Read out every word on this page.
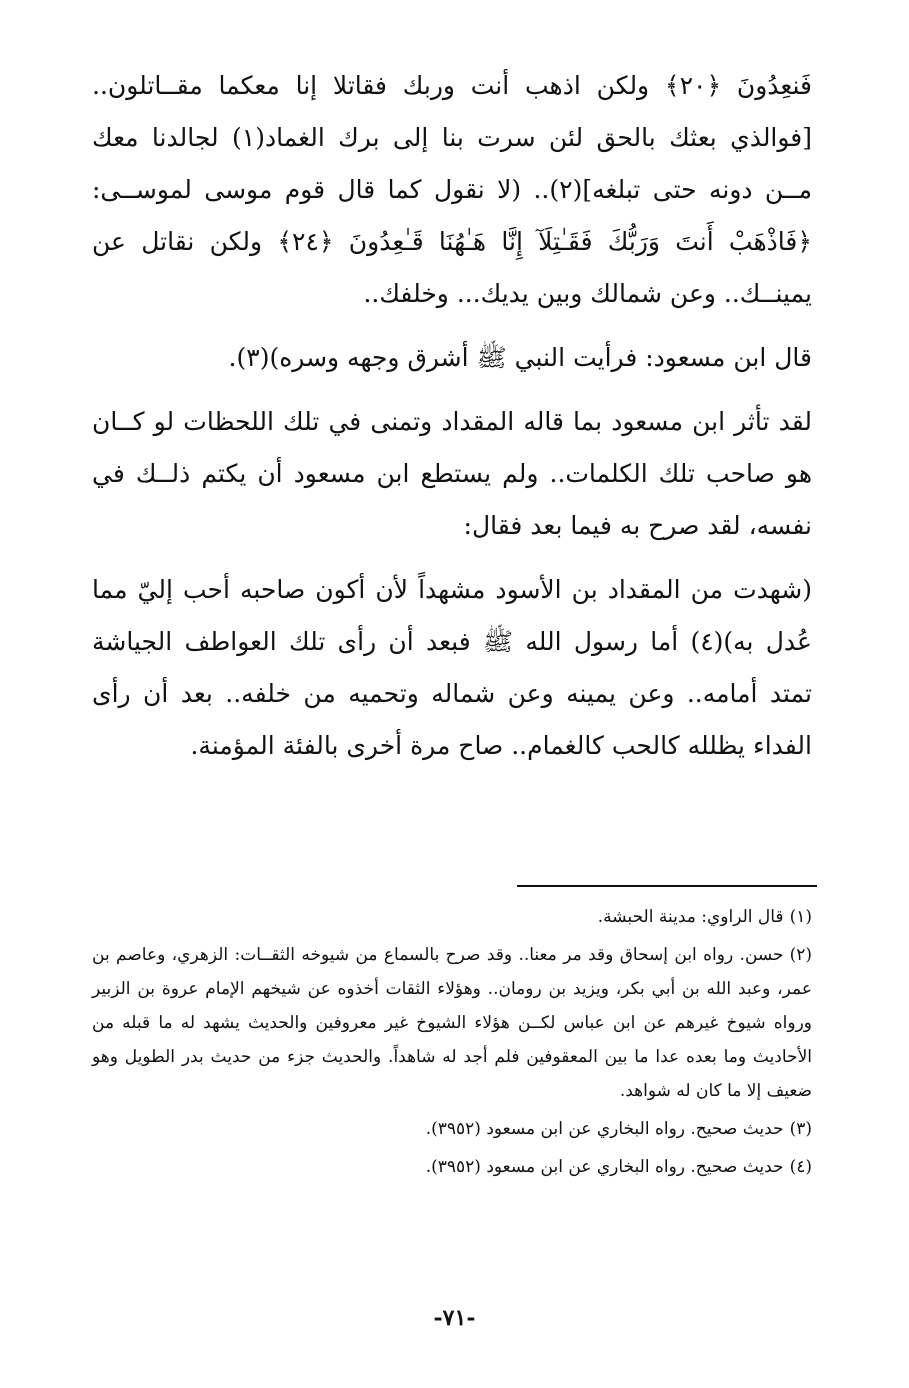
فَنعِدُونَ ﴿٢٠﴾ ولكن اذهب أنت وربك فقاتلا إنا معكما مقــاتلون.. [فوالذي بعثك بالحق لئن سرت بنا إلى برك الغماد(١) لجالدنا معك مــن دونه حتى تبلغه](٢).. (لا نقول كما قال قوم موسى لموســى: ﴿فَاذْهَبْ أَنتَ وَرَبُّكَ فَقَـٰتِلَآ إِنَّا هَـٰهُنَا قَـٰعِدُونَ ﴿٢٤﴾ ولكن نقاتل عن يمينــك.. وعن شمالك وبين يديك... وخلفك..

قال ابن مسعود: فرأيت النبي ﷺ أشرق وجهه وسره)(٣).

لقد تأثر ابن مسعود بما قاله المقداد وتمنى في تلك اللحظات لو كــان هو صاحب تلك الكلمات.. ولم يستطع ابن مسعود أن يكتم ذلــك في نفسه، لقد صرح به فيما بعد فقال:

(شهدت من المقداد بن الأسود مشهداً لأن أكون صاحبه أحب إليّ مما عُدل به)(٤) أما رسول الله ﷺ فبعد أن رأى تلك العواطف الجياشة تمتد أمامه.. وعن يمينه وعن شماله وتحميه من خلفه.. بعد أن رأى الفداء يظلله كالحب كالغمام.. صاح مرة أخرى بالفئة المؤمنة.

(١)قال الراوي: مدينة الحبشة.

(٢)حسن. رواه ابن إسحاق وقد مر معنا.. وقد صرح بالسماع من شيوخه الثقــات: الزهري، وعاصم بن عمر، وعبد الله بن أبي بكر، ويزيد بن رومان.. وهؤلاء الثقات أخذوه عن شيخهم الإمام عروة بن الزبير ورواه شيوخ غيرهم عن ابن عباس لكــن هؤلاء الشيوخ غير معروفين والحديث يشهد له ما قبله من الأحاديث وما بعده عدا ما بين المعقوفين فلم أجد له شاهداً. والحديث جزء من حديث بدر الطويل وهو ضعيف إلا ما كان له شواهد.

(٣)حديث صحيح. رواه البخاري عن ابن مسعود (٣٩٥٢).

(٤)حديث صحيح. رواه البخاري عن ابن مسعود (٣٩٥٢).

-٧١-
